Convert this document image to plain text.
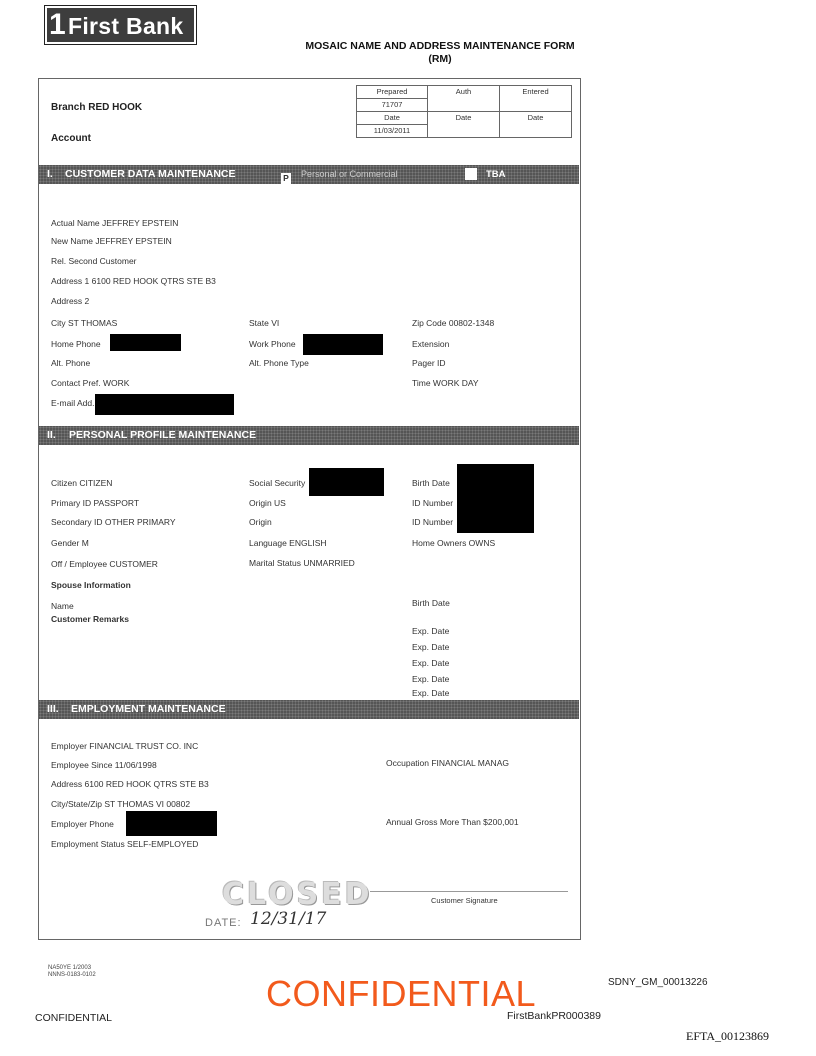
1First Bank
MOSAIC NAME AND ADDRESS MAINTENANCE FORM
(RM)
Prepared	Auth	Entered
71707		
Date	Date	Date
11/03/2011		
Branch RED HOOK
Account
I. CUSTOMER DATA MAINTENANCE	P Personal or Commercial	TBA
Actual Name JEFFREY EPSTEIN
New Name JEFFREY EPSTEIN
Rel. Second Customer
Address 1 6100 RED HOOK QTRS STE B3
Address 2
City ST THOMAS	State VI	Zip Code 00802-1348
Home Phone	Work Phone	Extension
Alt. Phone	Alt. Phone Type	Pager ID
Contact Pref. WORK	Time WORK DAY
E-mail Add.
II. PERSONAL PROFILE MAINTENANCE
Citizen CITIZEN	Social Security	Birth Date
Primary ID PASSPORT	Origin US	ID Number
Secondary ID OTHER PRIMARY	Origin	ID Number
Gender M	Language ENGLISH	Home Owners OWNS
Off / Employee CUSTOMER	Marital Status UNMARRIED
Spouse Information
Name	Birth Date
Customer Remarks
Exp. Date
Exp. Date
Exp. Date
Exp. Date
Exp. Date
III. EMPLOYMENT MAINTENANCE
Employer FINANCIAL TRUST CO. INC
Employee Since 11/06/1998	Occupation FINANCIAL MANAG
Address 6100 RED HOOK QTRS STE B3
City/State/Zip ST THOMAS VI 00802
Employer Phone	Annual Gross More Than $200,001
Employment Status SELF-EMPLOYED
CLOSED
DATE: 12/31/17
Customer Signature
NA50YE 1/2003
NNNS-0183-0102
SDNY_GM_00013226
CONFIDENTIAL
CONFIDENTIAL	FirstBankPR000389
EFTA_00123869
